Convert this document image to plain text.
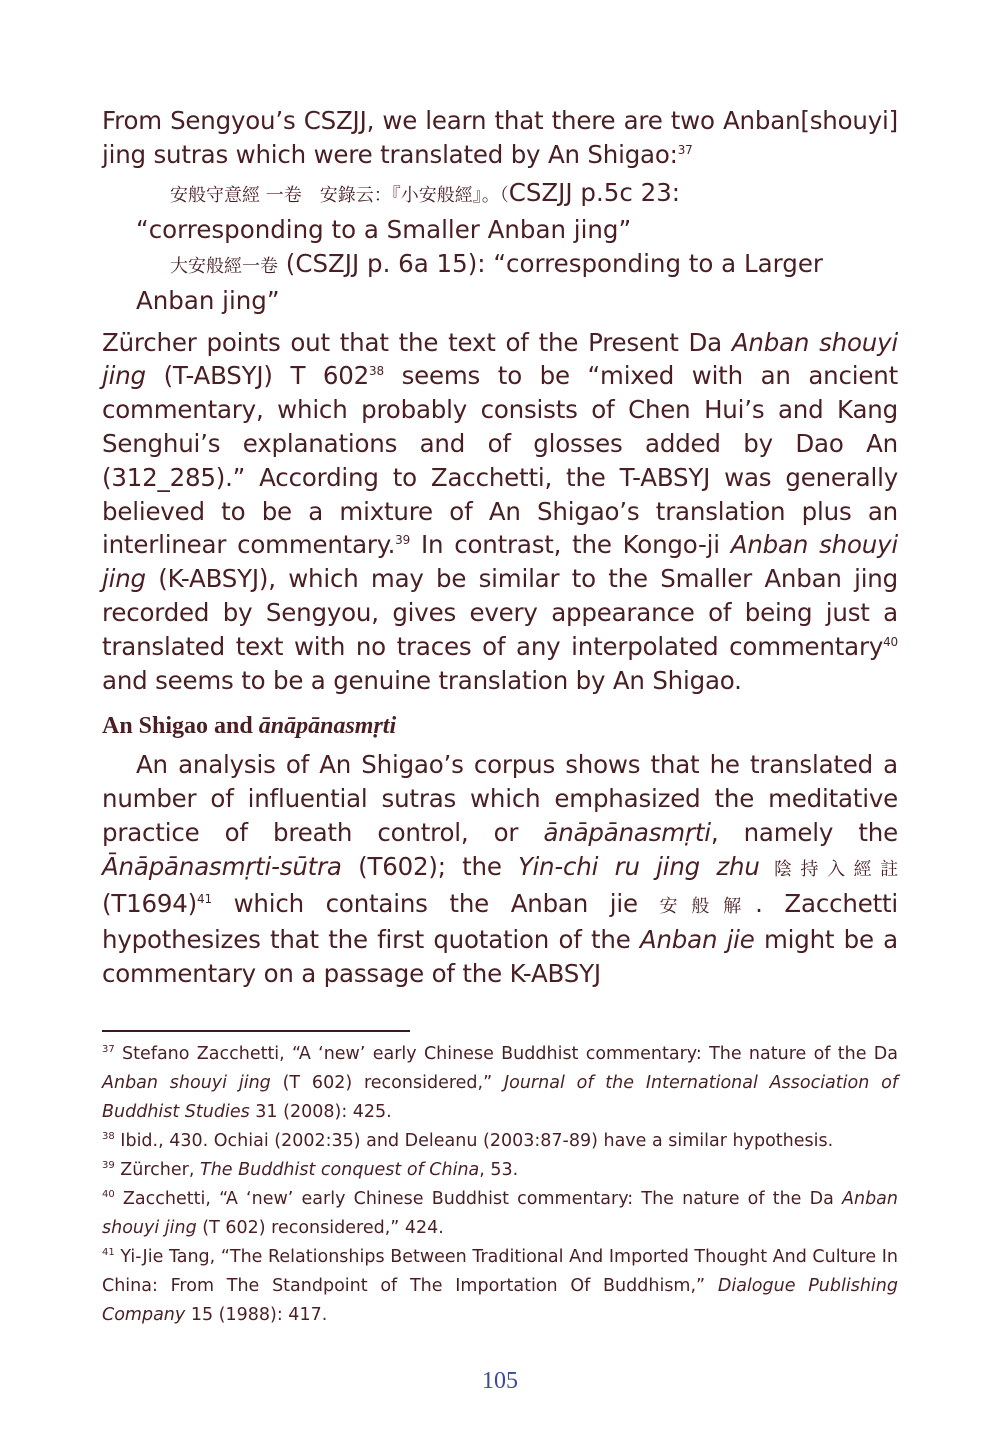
From Sengyou’s CSZJJ, we learn that there are two Anban[shouyi] jing sutras which were translated by An Shigao:$^{37}$

安般守意經 一卷　安錄云：『小安般經』。（CSZJJ p.5c 23:
“corresponding to a Smaller Anban jing”
大安般經一卷 (CSZJJ p. 6a 15): “corresponding to a Larger
Anban jing”

Zürcher points out that the text of the Present Da Anban shouyi jing (T-ABSYJ) T $602^{38}$ seems to be “mixed with an ancient commentary, which probably consists of Chen Hui’s and Kang Senghui’s explanations and of glosses added by Dao An (312_285).” According to Zacchetti, the T-ABSYJ was generally believed to be a mixture of An Shigao’s translation plus an interlinear commentary.$^{39}$ In contrast, the Kongo-ji Anban shouyi jing (K-ABSYJ), which may be similar to the Smaller Anban jing recorded by Sengyou, gives every appearance of being just a translated text with no traces of any interpolated commentary$^{40}$ and seems to be a genuine translation by An Shigao.

An Shigao and ānāpānasmṛti

An analysis of An Shigao’s corpus shows that he translated a number of influential sutras which emphasized the meditative practice of breath control, or ānāpānasmṛti, namely the Ānāpānasmṛti-sūtra (T602); the Yin-chi ru jing zhu 陰持入經註 $(T1694)^{41}$ which contains the Anban jie 安般解. Zacchetti hypothesizes that the first quotation of the Anban jie might be a commentary on a passage of the K-ABSYJ

$^{37}$ Stefano Zacchetti, “A ‘new’ early Chinese Buddhist commentary: The nature of the Da Anban shouyi jing (T 602) reconsidered,” Journal of the International Association of Buddhist Studies 31 (2008): 425.
$^{38}$ Ibid., 430. Ochiai (2002:35) and Deleanu (2003:87-89) have a similar hypothesis.
$^{39}$ Zürcher, The Buddhist conquest of China, 53.
$^{40}$ Zacchetti, “A ‘new’ early Chinese Buddhist commentary: The nature of the Da Anban shouyi jing (T 602) reconsidered,” 424.
$^{41}$ Yi-Jie Tang, “The Relationships Between Traditional And Imported Thought And Culture In China: From The Standpoint of The Importation Of Buddhism,” Dialogue Publishing Company 15 (1988): 417.
105
